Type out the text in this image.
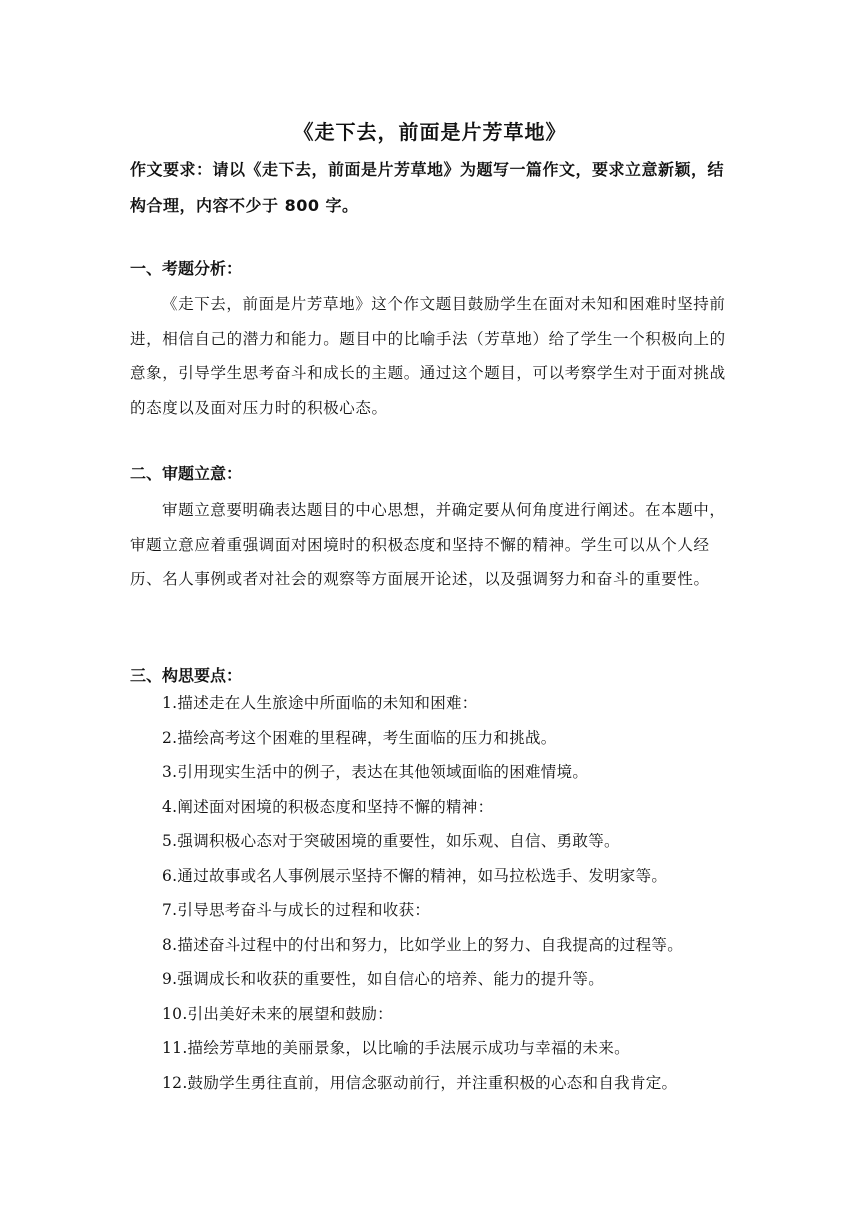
《走下去，前面是片芳草地》

作文要求：请以《走下去，前面是片芳草地》为题写一篇作文，要求立意新颖，结构合理，内容不少于 800 字。

一、考题分析：

《走下去，前面是片芳草地》这个作文题目鼓励学生在面对未知和困难时坚持前进，相信自己的潜力和能力。题目中的比喻手法（芳草地）给了学生一个积极向上的意象，引导学生思考奋斗和成长的主题。通过这个题目，可以考察学生对于面对挑战的态度以及面对压力时的积极心态。

二、审题立意：

审题立意要明确表达题目的中心思想，并确定要从何角度进行阐述。在本题中，审题立意应着重强调面对困境时的积极态度和坚持不懈的精神。学生可以从个人经历、名人事例或者对社会的观察等方面展开论述，以及强调努力和奋斗的重要性。

三、构思要点：
1.描述走在人生旅途中所面临的未知和困难：
2.描绘高考这个困难的里程碑，考生面临的压力和挑战。
3.引用现实生活中的例子，表达在其他领域面临的困难情境。
4.阐述面对困境的积极态度和坚持不懈的精神：
5.强调积极心态对于突破困境的重要性，如乐观、自信、勇敢等。
6.通过故事或名人事例展示坚持不懈的精神，如马拉松选手、发明家等。
7.引导思考奋斗与成长的过程和收获：
8.描述奋斗过程中的付出和努力，比如学业上的努力、自我提高的过程等。
9.强调成长和收获的重要性，如自信心的培养、能力的提升等。
10.引出美好未来的展望和鼓励：
11.描绘芳草地的美丽景象，以比喻的手法展示成功与幸福的未来。
12.鼓励学生勇往直前，用信念驱动前行，并注重积极的心态和自我肯定。
